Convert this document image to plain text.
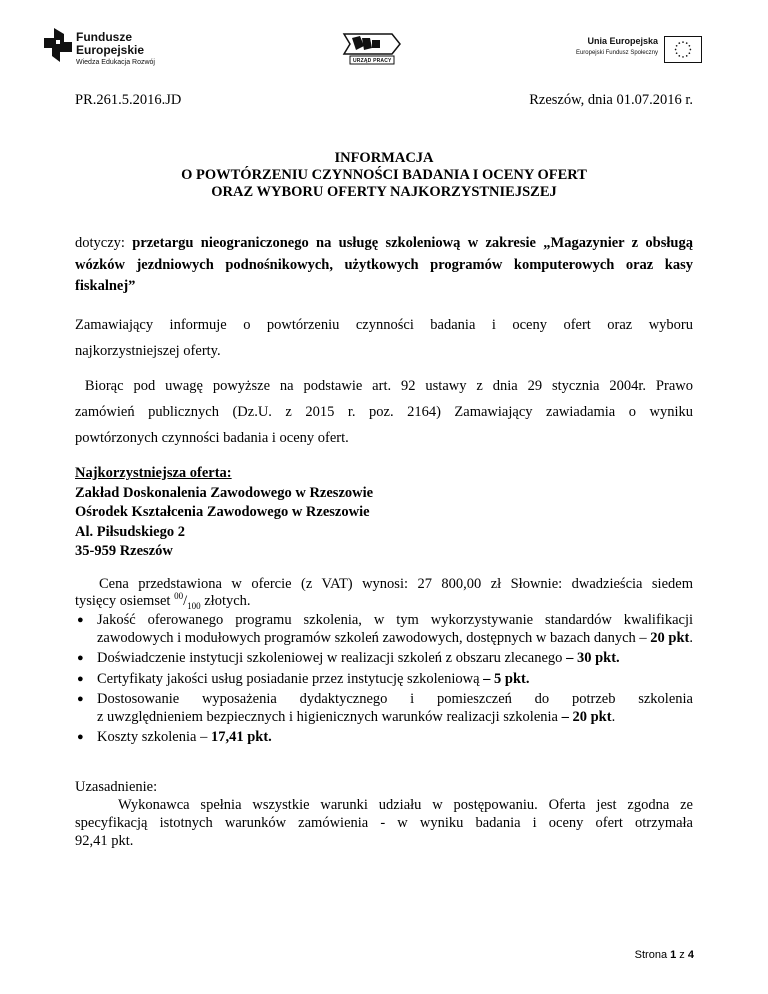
Fundusze
Europejskie
Wiedza Edukacja Rozwój	URZĄD PRACY
Unia Europejska
Europejski Fundusz Społeczny
PR.261.5.2016.JD	Rzeszów, dnia 01.07.2016 r.
INFORMACJA
O POWTÓRZENIU CZYNNOŚCI BADANIA I OCENY OFERT
ORAZ WYBORU OFERTY NAJKORZYSTNIEJSZEJ
dotyczy: przetargu nieograniczonego na usługę szkoleniową w zakresie „Magazynier z obsługą wózków jezdniowych podnośnikowych, użytkowych programów komputerowych oraz kasy fiskalnej”
Zamawiający informuje o powtórzeniu czynności badania i oceny ofert oraz wyboru
najkorzystniejszej oferty.
Biorąc pod uwagę powyższe na podstawie art. 92 ustawy z dnia 29 stycznia 2004r. Prawo
zamówień publicznych (Dz.U. z 2015 r. poz. 2164) Zamawiający zawiadamia o wyniku
powtórzonych czynności badania i oceny ofert.
Najkorzystniejsza oferta:
Zakład Doskonalenia Zawodowego w Rzeszowie
Ośrodek Kształcenia Zawodowego w Rzeszowie
Al. Piłsudskiego 2
35-959 Rzeszów
Cena przedstawiona w ofercie (z VAT) wynosi: 27 800,00 zł Słownie: dwadzieścia siedem
tysięcy osiemset $^{00}/_{100}$ złotych.
● Jakość oferowanego programu szkolenia, w tym wykorzystywanie standardów kwalifikacji zawodowych i modułowych programów szkoleń zawodowych, dostępnych w bazach danych – 20 pkt.
● Doświadczenie instytucji szkoleniowej w realizacji szkoleń z obszaru zlecanego – 30 pkt.
● Certyfikaty jakości usług posiadanie przez instytucję szkoleniową – 5 pkt.
● Dostosowanie wyposażenia dydaktycznego i pomieszczeń do potrzeb szkolenia
z uwzględnieniem bezpiecznych i higienicznych warunków realizacji szkolenia – 20 pkt.
● Koszty szkolenia – 17,41 pkt.
Uzasadnienie:
Wykonawca spełnia wszystkie warunki udziału w postępowaniu. Oferta jest zgodna ze
specyfikacją istotnych warunków zamówienia - w wyniku badania i oceny ofert otrzymała
92,41 pkt.
Strona 1 z 4
